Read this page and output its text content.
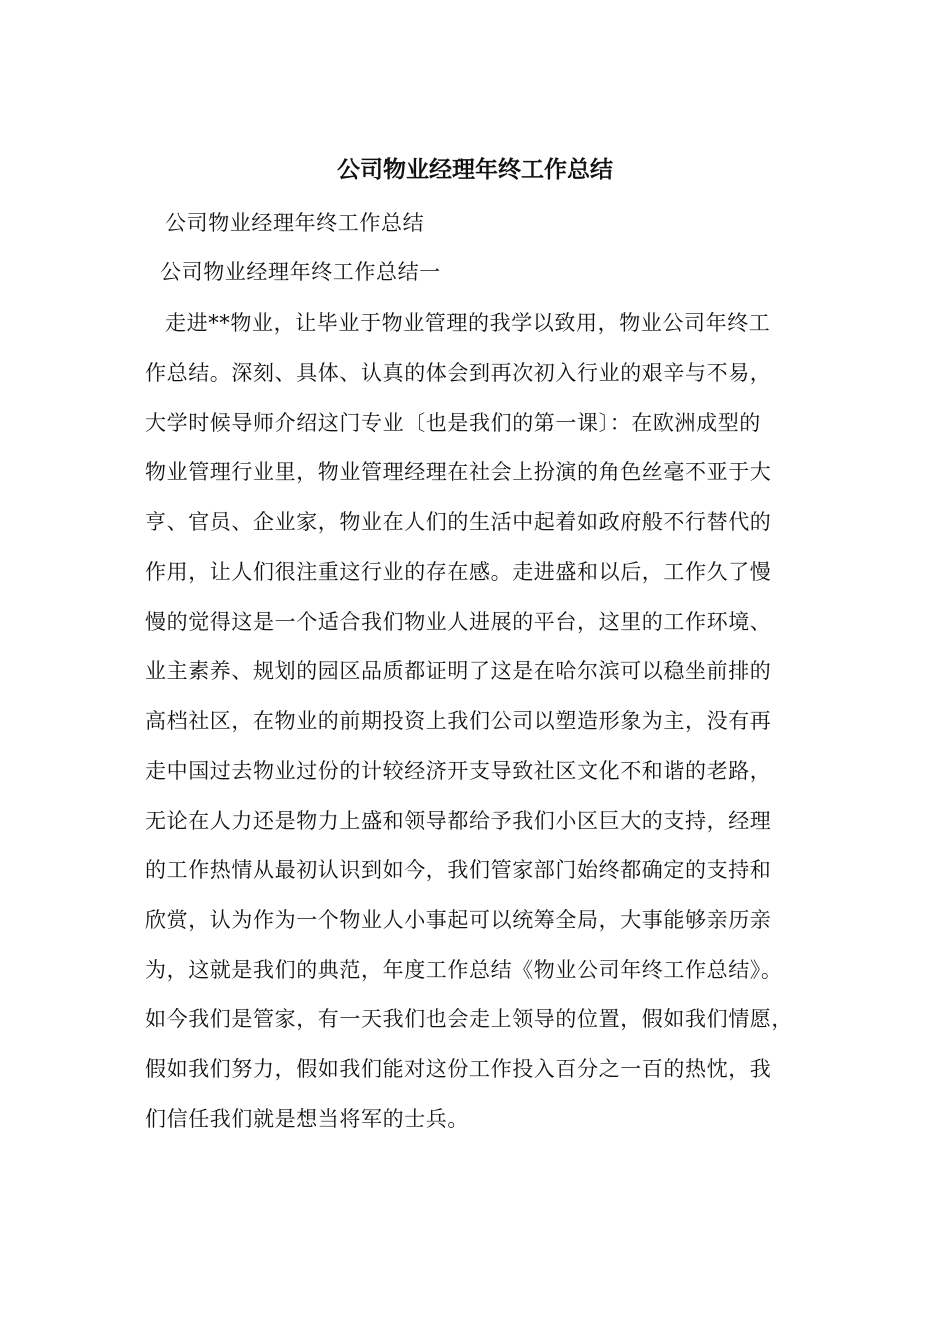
公司物业经理年终工作总结
公司物业经理年终工作总结
公司物业经理年终工作总结一
走进**物业，让毕业于物业管理的我学以致用，物业公司年终工
作总结。深刻、具体、认真的体会到再次初入行业的艰辛与不易，
大学时候导师介绍这门专业〔也是我们的第一课〕：在欧洲成型的
物业管理行业里，物业管理经理在社会上扮演的角色丝毫不亚于大
亨、官员、企业家，物业在人们的生活中起着如政府般不行替代的
作用，让人们很注重这行业的存在感。走进盛和以后，工作久了慢
慢的觉得这是一个适合我们物业人进展的平台，这里的工作环境、
业主素养、规划的园区品质都证明了这是在哈尔滨可以稳坐前排的
高档社区，在物业的前期投资上我们公司以塑造形象为主，没有再
走中国过去物业过份的计较经济开支导致社区文化不和谐的老路，
无论在人力还是物力上盛和领导都给予我们小区巨大的支持，经理
的工作热情从最初认识到如今，我们管家部门始终都确定的支持和
欣赏，认为作为一个物业人小事起可以统筹全局，大事能够亲历亲
为，这就是我们的典范，年度工作总结《物业公司年终工作总结》。
如今我们是管家，有一天我们也会走上领导的位置，假如我们情愿，
假如我们努力，假如我们能对这份工作投入百分之一百的热忱，我
们信任我们就是想当将军的士兵。
